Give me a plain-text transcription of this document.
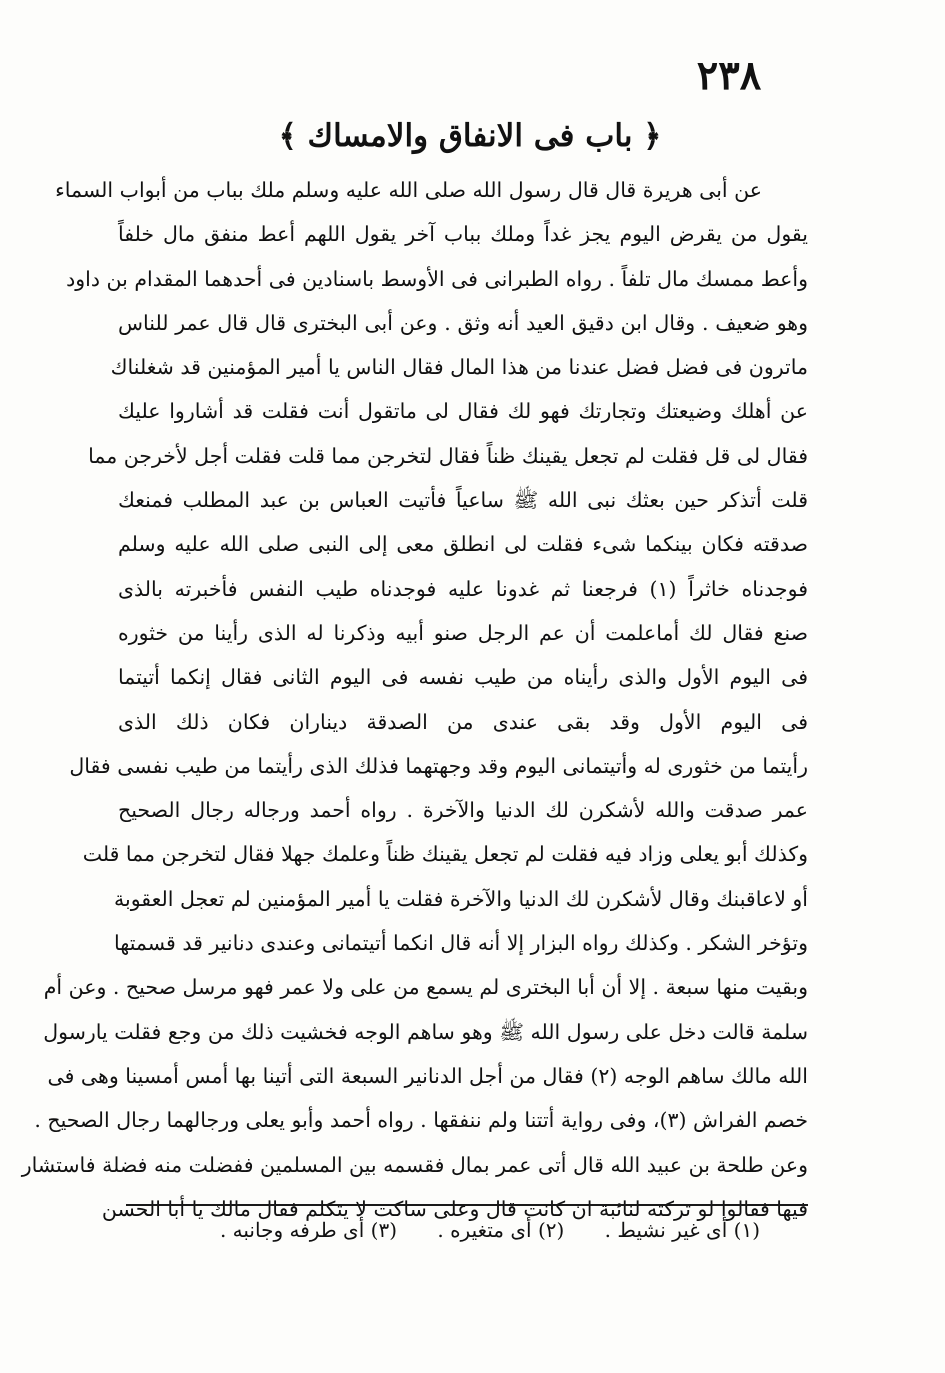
٢٣٨
﴿ باب فى الانفاق والامساك ﴾
عن أبى هريرة قال قال رسول الله صلى الله عليه وسلم ملك بباب من أبواب السماء
يقول من يقرض اليوم يجز غداً وملك بباب آخر يقول اللهم أعط منفق مال خلفاً
وأعط ممسك مال تلفاً . رواه الطبرانى فى الأوسط باسنادين فى أحدهما المقدام بن داود
وهو ضعيف . وقال ابن دقيق العيد أنه وثق . وعن أبى البخترى قال قال عمر للناس
ماترون فى فضل فضل عندنا من هذا المال فقال الناس يا أمير المؤمنين قد شغلناك
عن أهلك وضيعتك وتجارتك فهو لك فقال لى ماتقول أنت فقلت قد أشاروا عليك
فقال لى قل فقلت لم تجعل يقينك ظناً فقال لتخرجن مما قلت فقلت أجل لأخرجن مما
قلت أتذكر حين بعثك نبى الله ﷺ ساعياً فأتيت العباس بن عبد المطلب فمنعك
صدقته فكان بينكما شىء فقلت لى انطلق معى إلى النبى صلى الله عليه وسلم
فوجدناه خاثراً (١) فرجعنا ثم غدونا عليه فوجدناه طيب النفس فأخبرته بالذى
صنع فقال لك أماعلمت أن عم الرجل صنو أبيه وذكرنا له الذى رأينا من خثوره
فى اليوم الأول والذى رأيناه من طيب نفسه فى اليوم الثانى فقال إنكما أتيتما
فى اليوم الأول وقد بقى عندى من الصدقة ديناران فكان ذلك الذى
رأيتما من خثورى له وأتيتمانى اليوم وقد وجهتهما فذلك الذى رأيتما من طيب نفسى فقال
عمر صدقت والله لأشكرن لك الدنيا والآخرة . رواه أحمد ورجاله رجال الصحيح
وكذلك أبو يعلى وزاد فيه فقلت لم تجعل يقينك ظناً وعلمك جهلا فقال لتخرجن مما قلت
أو لاعاقبنك وقال لأشكرن لك الدنيا والآخرة فقلت يا أمير المؤمنين لم تعجل العقوبة
وتؤخر الشكر . وكذلك رواه البزار إلا أنه قال انكما أتيتمانى وعندى دنانير قد قسمتها
وبقيت منها سبعة . إلا أن أبا البخترى لم يسمع من على ولا عمر فهو مرسل صحيح . وعن أم
سلمة قالت دخل على رسول الله ﷺ وهو ساهم الوجه فخشيت ذلك من وجع فقلت يارسول
الله مالك ساهم الوجه (٢) فقال من أجل الدنانير السبعة التى أتينا بها أمس أمسينا وهى فى
خصم الفراش (٣)، وفى رواية أتتنا ولم ننفقها . رواه أحمد وأبو يعلى ورجالهما رجال الصحيح .
وعن طلحة بن عبيد الله قال أتى عمر بمال فقسمه بين المسلمين ففضلت منه فضلة فاستشار
فيها فقالوا لو تركته لنائبة ان كانت قال وعلى ساكت لا يتكلم فقال مالك يا أبا الحسن
(١) أى غير نشيط . (٢) أى متغيره . (٣) أى طرفه وجانبه .
